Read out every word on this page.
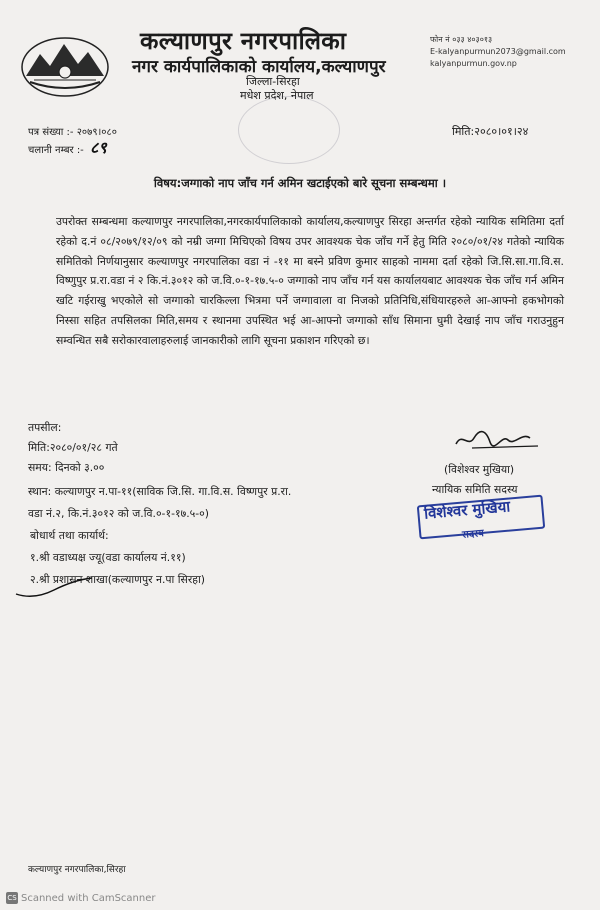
कल्याणपुर नगरपालिका
नगर कार्यपालिकाको कार्यालय,कल्याणपुर
जिल्ला-सिरहा
मधेश प्रदेश, नेपाल
फोन नं ०३३ ४०३०१३
E-kalyanpurmun2073@gmail.com
kalyanpurmun.gov.np
पत्र संख्या :- २०७९।०८०
चलानी नम्बर :- ८९
मिति:२०८०।०१।२४
विषय:जग्गाको नाप जाँच गर्न अमिन खटाईएको बारे सूचना सम्बन्धमा ।

उपरोक्त सम्बन्धमा कल्याणपुर नगरपालिका,नगरकार्यपालिकाको कार्यालय,कल्याणपुर सिरहा अन्तर्गत रहेको न्यायिक समितिमा दर्ता रहेको द.नं ०८/२०७९/१२/०९ को नम्री जग्गा मिचिएको विषय उपर आवश्यक चेक जाँच गर्ने हेतु मिति २०८०/०१/२४ गतेको न्यायिक समितिको निर्णयानुसार कल्याणपुर नगरपालिका वडा नं -११ मा बस्ने प्रविण कुमार साहको नाममा दर्ता रहेको जि.सि.सा.गा.वि.स. विष्णुपुर प्र.रा.वडा नं २ कि.नं.३०१२ को ज.वि.०-१-१७.५-० जग्गाको नाप जाँच गर्न यस कार्यालयबाट आवश्यक चेक जाँच गर्न अमिन खटि गईराखु भएकोले सो जग्गाको चारकिल्ला भित्रमा पर्ने जग्गावाला वा निजको प्रतिनिधि,संधियारहरुले आ-आफ्नो हकभोगको निस्सा सहित तपसिलका मिति,समय र स्थानमा उपस्थित भई आ-आफ्नो जग्गाको साँध सिमाना घुमी देखाई नाप जाँच गराउनुहुन सम्वन्धित सबै सरोकारवालाहरुलाई जानकारीको लागि सूचना प्रकाशन गरिएको छ।

तपसील:
मिति:२०८०/०१/२८ गते
समय: दिनको ३.००
स्थान: कल्याणपुर न.पा-११(साविक जि.सि. गा.वि.स. विष्णपुर प्र.रा.
वडा नं.२, कि.नं.३०१२ को ज.वि.०-१-१७.५-०)
(विशेश्वर मुखिया)
न्यायिक समिति सदस्य
विशेश्वर मुखिया
सदस्य
बोधार्थ तथा कार्यार्थ:
१.श्री वडाध्यक्ष ज्यू(वडा कार्यालय नं.११)
२.श्री प्रशासन शाखा(कल्याणपुर न.पा सिरहा)
कल्याणपुर नगरपालिका,सिरहा
CS Scanned with CamScanner
